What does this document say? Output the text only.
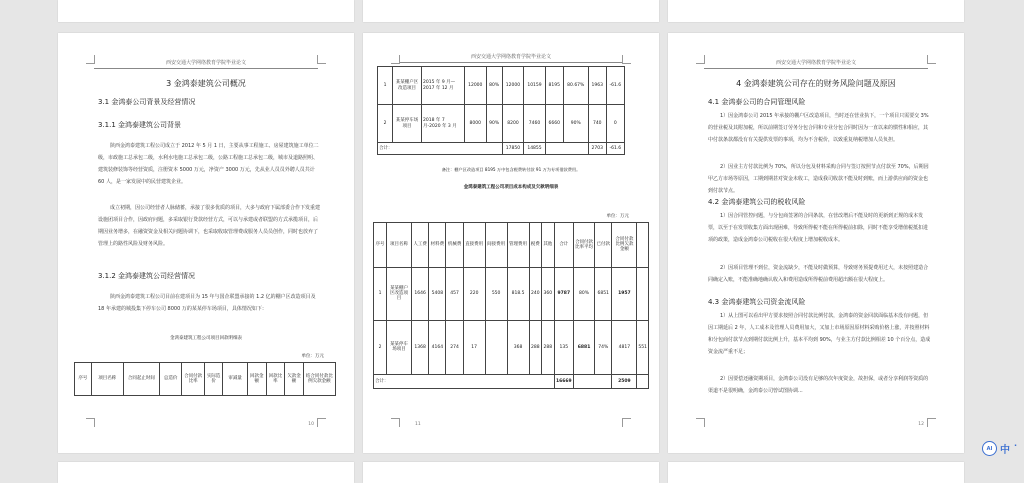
西安交通大学网络教育学院毕业论文
3 金鸿泰建筑公司概况
3.1 金鸿泰公司背景及经营情况
3.1.1 金鸿泰建筑公司背景
陕西金鸿泰建筑工程公司成立于 2012 年 5 月 1 日，主要从事工程施工、房屋建筑施工单位二级，市政施工总承包二级，水利水电施工总承包二级，公路工程施工总承包二级，城市及道路照明、建筑装修装饰等经营资质，注册资本 5000 万元，净资产 3000 万元，先从业人员员外聘人员共计 60 人，是一家发展中的民营建筑企业。
成立初期，因公司经营者人脉储蓄，承接了很多优质的项目，大多与政府下属部委合作下发重建设施团项目合作，因政府问题，多采取银行贷款经营方式，可以与承建或者联盟的方式承揽项目，后期因业务增多，在融资资金及相关问题协调下，也采取收取管理费或服务人员员创作，同时也放弃了管理上的路性风险及财务风险。
3.1.2 金鸿泰建筑公司经营情况
陕西金鸿泰建筑工程公司目前在建项目为 15 年与国企联盟承接的 1.2 亿的棚户区改造项目及 18 年承建的城投集下停车公司 8000 万的某某停车场项目，具体情况如下：
金鸿泰建筑工程公司项目回款明细表
单位：万元
序号	项目名称	合同起止时间	总造价	合同付款比率	实际造价	审减量	回款金额	回款比率	欠款金额	结合同付款比例欠款金额
10
西安交通大学网络教育学院毕业论文
1	某某棚户区改造项目	2015 年 9 月—2017 年 12 月	12000	80%	12000	10159	8195	80.67%	1963	-61.6
2	某某停车场项目	2018 年 7 月-2020 年 3 月	8000	90%	8200	7460	6660	90%	740	0
合计：					17850	14855			2703	-61.6
备注：棚户区改造项目 8195 万中包含税费转付款 91 万为专项借款费用。
金鸿泰建筑工程公司项目成本构成及欠款明细表
单位：万元
序号	项目名称	人工费	材料费	机械费	直接费用	间接费用	管理费用	税费	其他	合计	合同付款比率平均	已付款	合同付款比例欠款金额	
1	某某棚户区改造项目	1646	5408	457	220	550	818.5	240	360	9787	80%	6851	1957	
2	某某停车场项目	1368	4164	274	17		368	288	288	135	6881	74%	4817	551
合计：										16669			2509	
11
西安交通大学网络教育学院毕业论文
4 金鸿泰建筑公司存在的财务风险问题及原因
4.1 金鸿泰公司的合同管理风险
1）因金鸿泰公司 2015 年承接的棚户区改造项目，当时还在营业执下，一个项目只需要交 3% 的营业税及其附加税，所以前期签订劳务分包合同和专业分包合同时因为一直以来的惯性和相应，其中付款条款都没有有关提供发票的事项，均为不含税价，以致重复纳税增加人员负担。
2）因业主方付款比例为 70%，所以分包及材料采购合同与签订按照节点付款至 70%，后期因甲乙方市场等原因，工期到期甚对资金未收工，造成我司收款不能及时到账，而上游供应商的资金也到付款节点。
4.2 金鸿泰建筑公司的税收风险
1）因合同管控问题，与分包商签署的合同条款，在营改增后不能及时的更新到正规的成本发票，以至于在发票收集方面出现困难，导致所得税不能在所得税前扣除，同时不能享受增值税抵扣进项的政策，造成金鸿泰公司税收在很大程度上增加税收成本。
2）因项目管理不到位，资金流缺少，不能及时做预算，导致财务预提费用过大，未按照建造合同确定入账，不能准确地确认收入和费用造成所得税前费用超出额在很大程度上。
4.3 金鸿泰建筑公司资金流风险
1）从上图可以看出甲方要求按照合同付款比例付款，金鸿泰的资金回款面临基本没有问题，但因工期延后 2 年，人工成本及管理人员费用加大，又加上市场原因原材料采购价格上涨，并按照材料和分包商付款节点到期付款比例上升，基本平均到 90%，与业主方付款比例相差 10 个百分点，造成资金流严重不足；
2）因要偿还融资期项目，金鸿泰公司没有足够的次年度资金，故担保，或者分享利润等资质的渠道不是很明确，金鸿泰公司曾试图协调...
12
AI 中 ·
